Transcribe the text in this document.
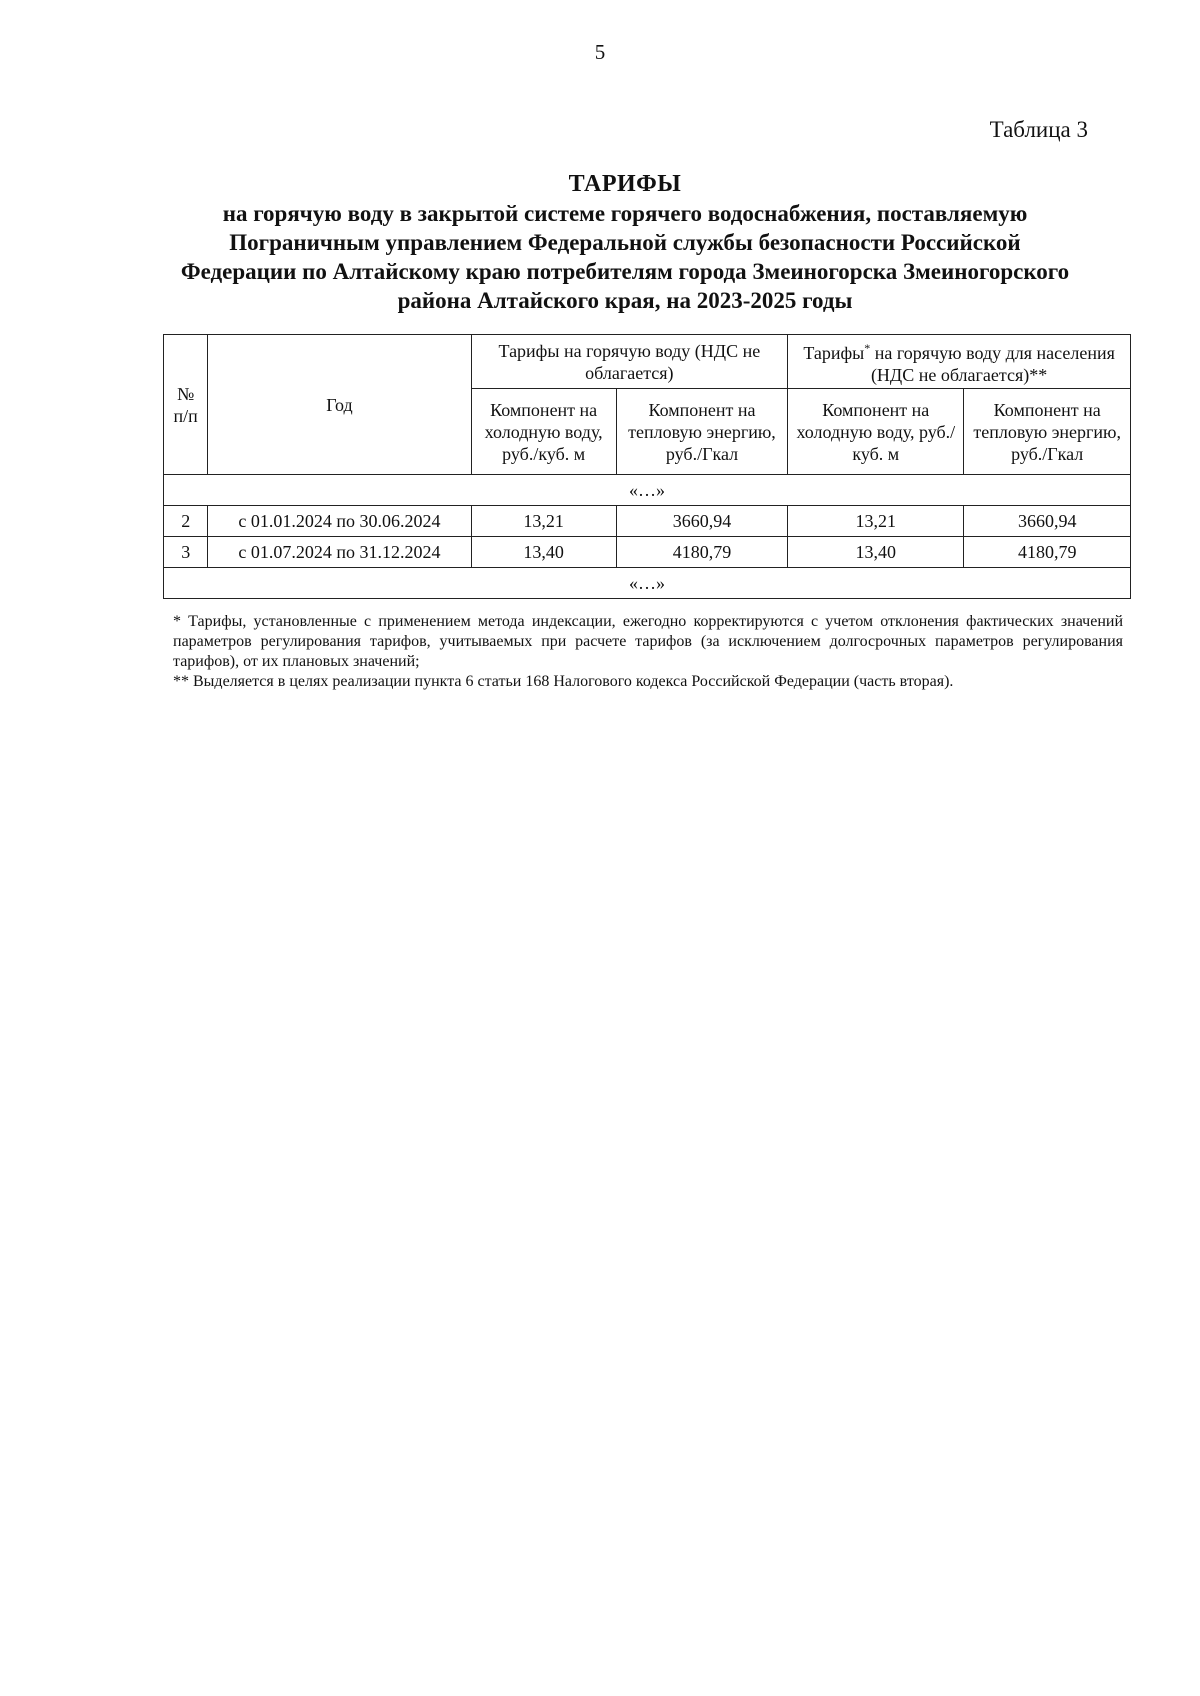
5
Таблица 3
ТАРИФЫ
на горячую воду в закрытой системе горячего водоснабжения, поставляемую
Пограничным управлением Федеральной службы безопасности Российской
Федерации по Алтайскому краю потребителям города Змеиногорска Змеиногорского
района Алтайского края, на 2023-2025 годы
№ п/п	Год	Тарифы на горячую воду (НДС не облагается)		Тарифы* на горячую воду для населения (НДС не облагается)**	
		Компонент на холодную воду, руб./куб. м	Компонент на тепловую энергию, руб./Гкал	Компонент на холодную воду, руб./куб. м	Компонент на тепловую энергию, руб./Гкал
«…»					
2	с 01.01.2024 по 30.06.2024	13,21	3660,94	13,21	3660,94
3	с 01.07.2024 по 31.12.2024	13,40	4180,79	13,40	4180,79
«…»					

* Тарифы, установленные с применением метода индексации, ежегодно корректируются с учетом отклонения фактических значений параметров регулирования тарифов, учитываемых при расчете тарифов (за исключением долгосрочных параметров регулирования тарифов), от их плановых значений;

** Выделяется в целях реализации пункта 6 статьи 168 Налогового кодекса Российской Федерации (часть вторая).
